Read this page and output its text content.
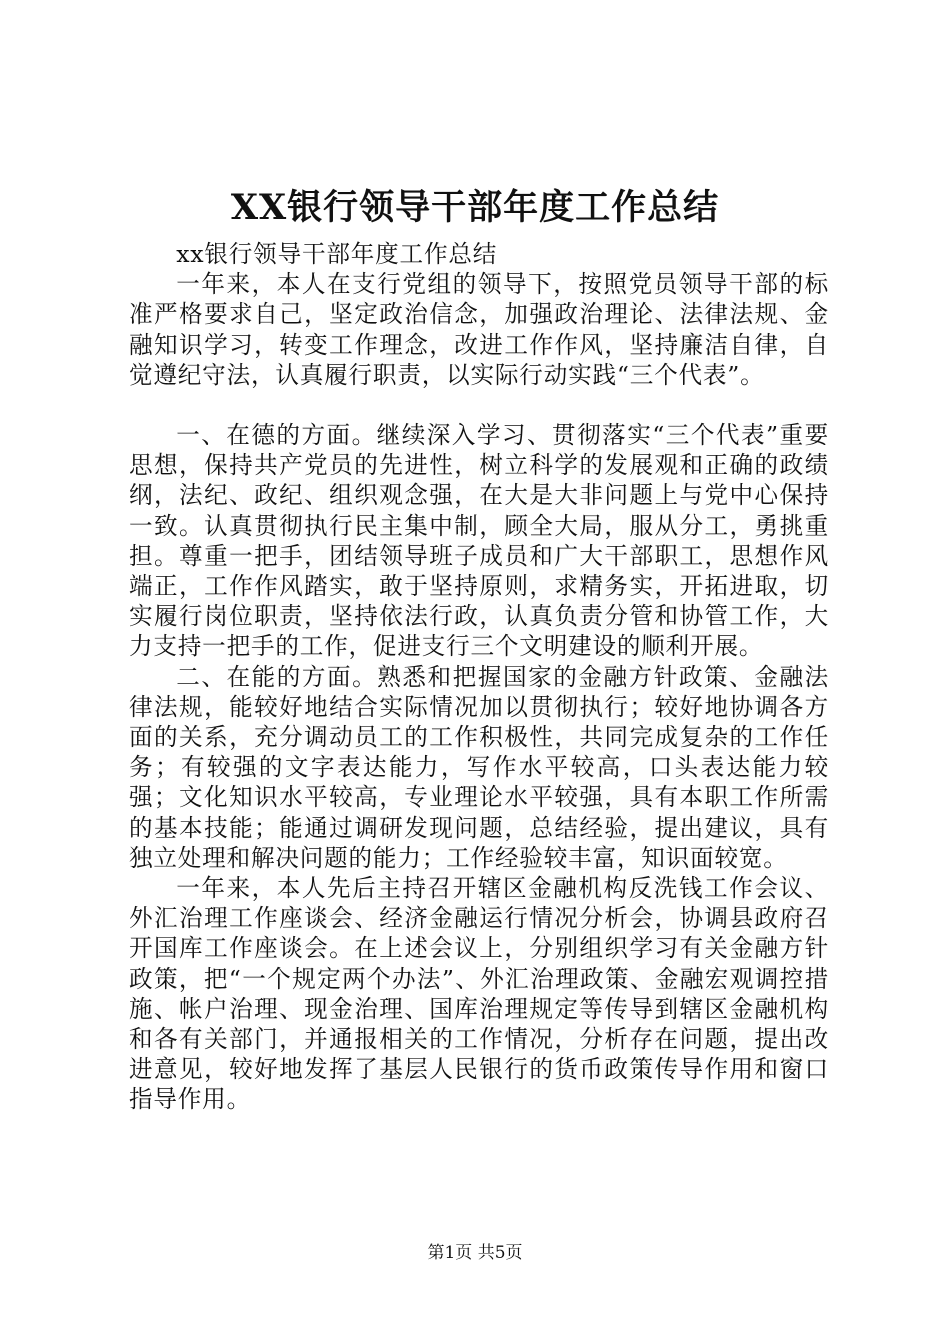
XX银行领导干部年度工作总结

xx银行领导干部年度工作总结

一年来，本人在支行党组的领导下，按照党员领导干部的标准严格要求自己，坚定政治信念，加强政治理论、法律法规、金融知识学习，转变工作理念，改进工作作风，坚持廉洁自律，自觉遵纪守法，认真履行职责，以实际行动实践“三个代表”。

一、在德的方面。继续深入学习、贯彻落实“三个代表”重要思想，保持共产党员的先进性，树立科学的发展观和正确的政绩纲，法纪、政纪、组织观念强，在大是大非问题上与党中心保持一致。认真贯彻执行民主集中制，顾全大局，服从分工，勇挑重担。尊重一把手，团结领导班子成员和广大干部职工，思想作风端正，工作作风踏实，敢于坚持原则，求精务实，开拓进取，切实履行岗位职责，坚持依法行政，认真负责分管和协管工作，大力支持一把手的工作，促进支行三个文明建设的顺利开展。

二、在能的方面。熟悉和把握国家的金融方针政策、金融法律法规，能较好地结合实际情况加以贯彻执行；较好地协调各方面的关系，充分调动员工的工作积极性，共同完成复杂的工作任务；有较强的文字表达能力，写作水平较高，口头表达能力较强；文化知识水平较高，专业理论水平较强，具有本职工作所需的基本技能；能通过调研发现问题，总结经验，提出建议，具有独立处理和解决问题的能力；工作经验较丰富，知识面较宽。

一年来，本人先后主持召开辖区金融机构反洗钱工作会议、外汇治理工作座谈会、经济金融运行情况分析会，协调县政府召开国库工作座谈会。在上述会议上，分别组织学习有关金融方针政策，把“一个规定两个办法”、外汇治理政策、金融宏观调控措施、帐户治理、现金治理、国库治理规定等传导到辖区金融机构和各有关部门，并通报相关的工作情况，分析存在问题，提出改进意见，较好地发挥了基层人民银行的货币政策传导作用和窗口指导作用。

第1页 共5页
